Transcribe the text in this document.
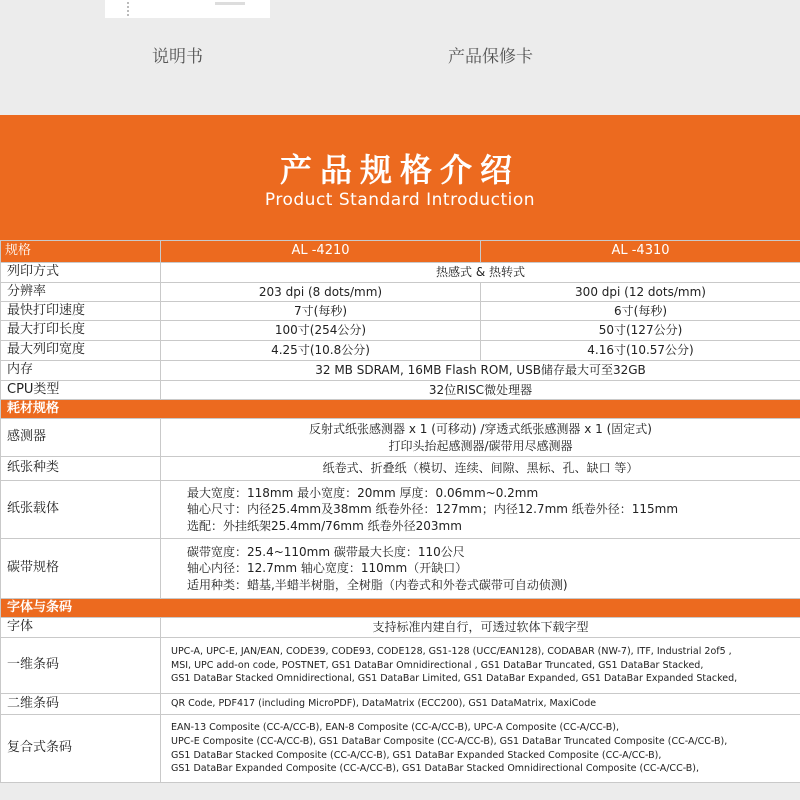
说明书	产品保修卡
产品规格介绍
Product Standard Introduction
规格	AL -4210	AL -4310
列印方式	热感式 & 热转式	
分辨率	203 dpi (8 dots/mm)	300 dpi (12 dots/mm)
最快打印速度	7寸(每秒)	6寸(每秒)
最大打印长度	100寸(254公分)	50寸(127公分)
最大列印宽度	4.25寸(10.8公分)	4.16寸(10.57公分)
内存	32 MB SDRAM, 16MB Flash ROM, USB储存最大可至32GB	
CPU类型	32位RISC微处理器	
耗材规格		
感测器	反射式纸张感测器 x 1 (可移动) /穿透式纸张感测器 x 1 (固定式)
打印头抬起感测器/碳带用尽感测器	

纸张种类	纸卷式、折叠纸（模切、连续、间隙、黑标、孔、缺口 等）	
纸张载体	最大宽度：118mm 最小宽度：20mm 厚度：0.06mm~0.2mm
轴心尺寸：内径25.4mm及38mm 纸卷外径：127mm；内径12.7mm 纸卷外径：115mm
选配：外挂纸架25.4mm/76mm 纸卷外径203mm	

碳带规格	碳带宽度：25.4~110mm 碳带最大长度：110公尺
轴心内径：12.7mm 轴心宽度：110mm（开缺口）
适用种类：蜡基,半蜡半树脂，全树脂（内卷式和外卷式碳带可自动侦测)	

字体与条码		
字体	支持标准内建自行，可透过软体下载字型	
一维条码	UPC-A, UPC-E, JAN/EAN, CODE39, CODE93, CODE128, GS1-128 (UCC/EAN128), CODABAR (NW-7), ITF, Industrial 2of5 ,
MSI, UPC add-on code, POSTNET, GS1 DataBar Omnidirectional , GS1 DataBar Truncated, GS1 DataBar Stacked,
GS1 DataBar Stacked Omnidirectional, GS1 DataBar Limited, GS1 DataBar Expanded, GS1 DataBar Expanded Stacked,	

二维条码	QR Code, PDF417 (including MicroPDF), DataMatrix (ECC200), GS1 DataMatrix, MaxiCode	
复合式条码	EAN-13 Composite (CC-A/CC-B), EAN-8 Composite (CC-A/CC-B), UPC-A Composite (CC-A/CC-B),
UPC-E Composite (CC-A/CC-B), GS1 DataBar Composite (CC-A/CC-B), GS1 DataBar Truncated Composite (CC-A/CC-B),
GS1 DataBar Stacked Composite (CC-A/CC-B), GS1 DataBar Expanded Stacked Composite (CC-A/CC-B),
GS1 DataBar Expanded Composite (CC-A/CC-B), GS1 DataBar Stacked Omnidirectional Composite (CC-A/CC-B),	
